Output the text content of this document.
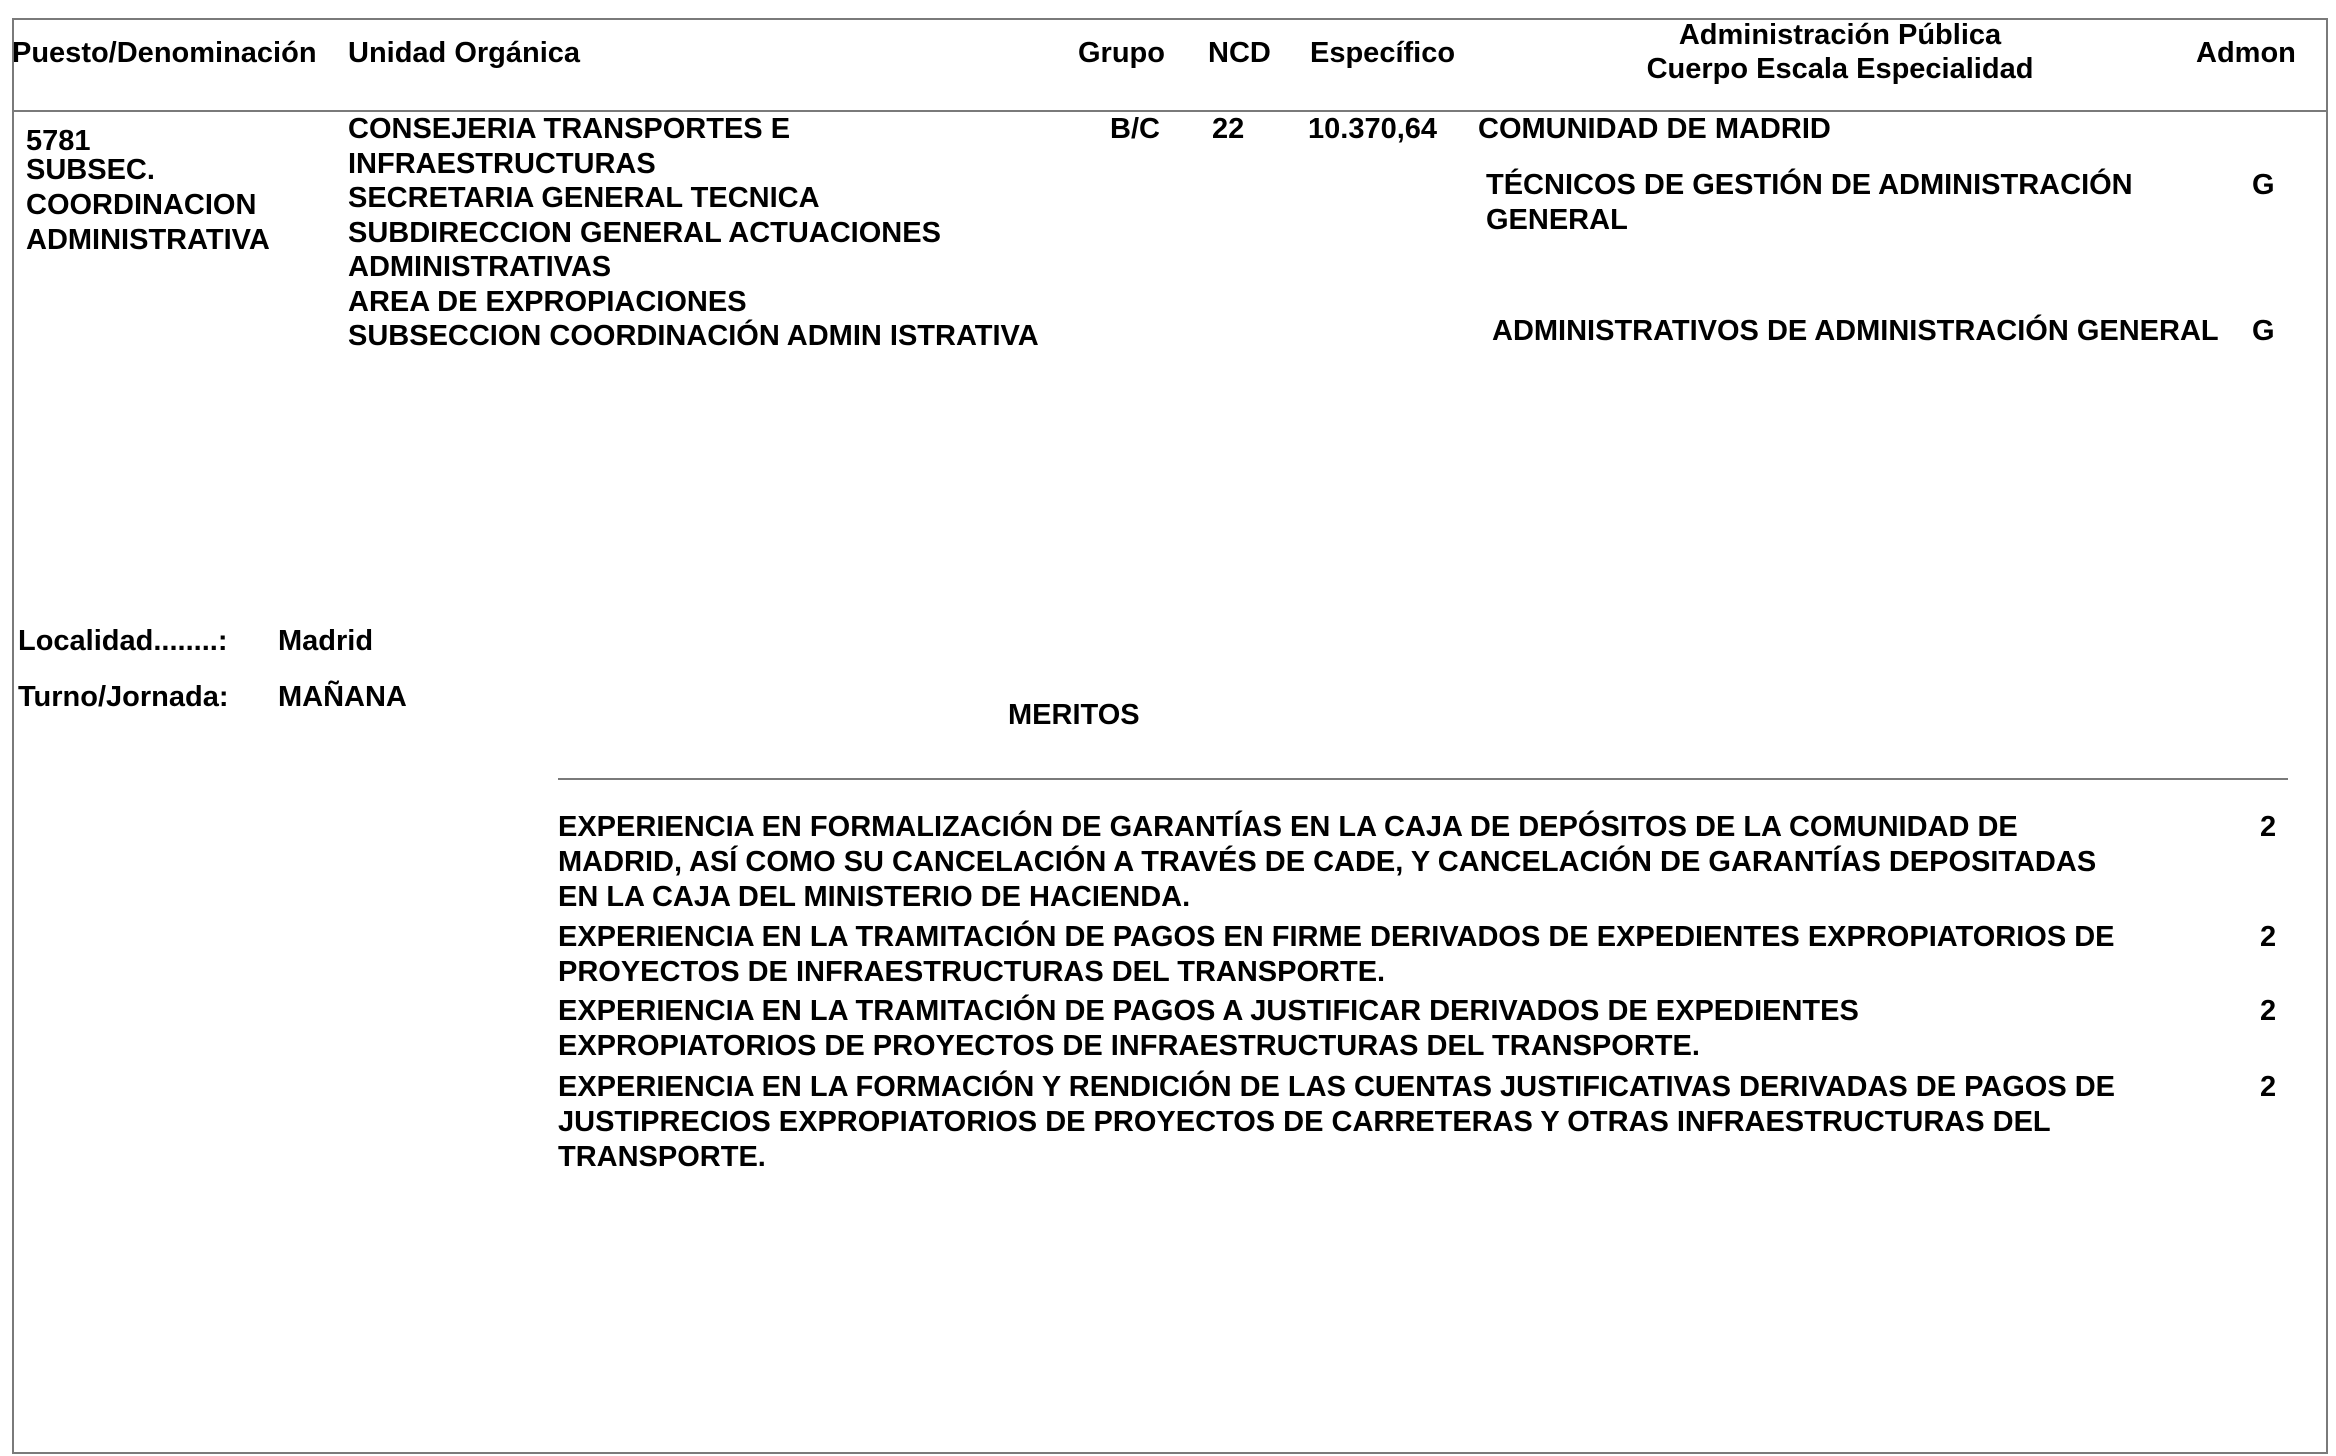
Puesto/Denominación Unidad Orgánica	Grupo NCD Específico
Administración Pública
Cuerpo Escala Especialidad	Admon
5781
SUBSEC.
COORDINACION
ADMINISTRATIVA
CONSEJERIA TRANSPORTES E
INFRAESTRUCTURAS
SECRETARIA GENERAL TECNICA
SUBDIRECCION GENERAL ACTUACIONES
ADMINISTRATIVAS
AREA DE EXPROPIACIONES
SUBSECCION COORDINACIÓN ADMIN ISTRATIVA
B/C 22 10.370,64 COMUNIDAD DE MADRID
TÉCNICOS DE GESTIÓN DE ADMINISTRACIÓN
GENERAL
G
ADMINISTRATIVOS DE ADMINISTRACIÓN GENERAL G
Localidad........: Madrid
Turno/Jornada: MAÑANA
MERITOS
EXPERIENCIA EN FORMALIZACIÓN DE GARANTÍAS EN LA CAJA DE DEPÓSITOS DE LA COMUNIDAD DE MADRID, ASÍ COMO SU CANCELACIÓN A TRAVÉS DE CADE, Y CANCELACIÓN DE GARANTÍAS DEPOSITADAS EN LA CAJA DEL MINISTERIO DE HACIENDA.
2
EXPERIENCIA EN LA TRAMITACIÓN DE PAGOS EN FIRME DERIVADOS DE EXPEDIENTES EXPROPIATORIOS DE PROYECTOS DE INFRAESTRUCTURAS DEL TRANSPORTE.
2
EXPERIENCIA EN LA TRAMITACIÓN DE PAGOS A JUSTIFICAR DERIVADOS DE EXPEDIENTES EXPROPIATORIOS DE PROYECTOS DE INFRAESTRUCTURAS DEL TRANSPORTE.
2
EXPERIENCIA EN LA FORMACIÓN Y RENDICIÓN DE LAS CUENTAS JUSTIFICATIVAS DERIVADAS DE PAGOS DE JUSTIPRECIOS EXPROPIATORIOS DE PROYECTOS DE CARRETERAS Y OTRAS INFRAESTRUCTURAS DEL TRANSPORTE.
2
